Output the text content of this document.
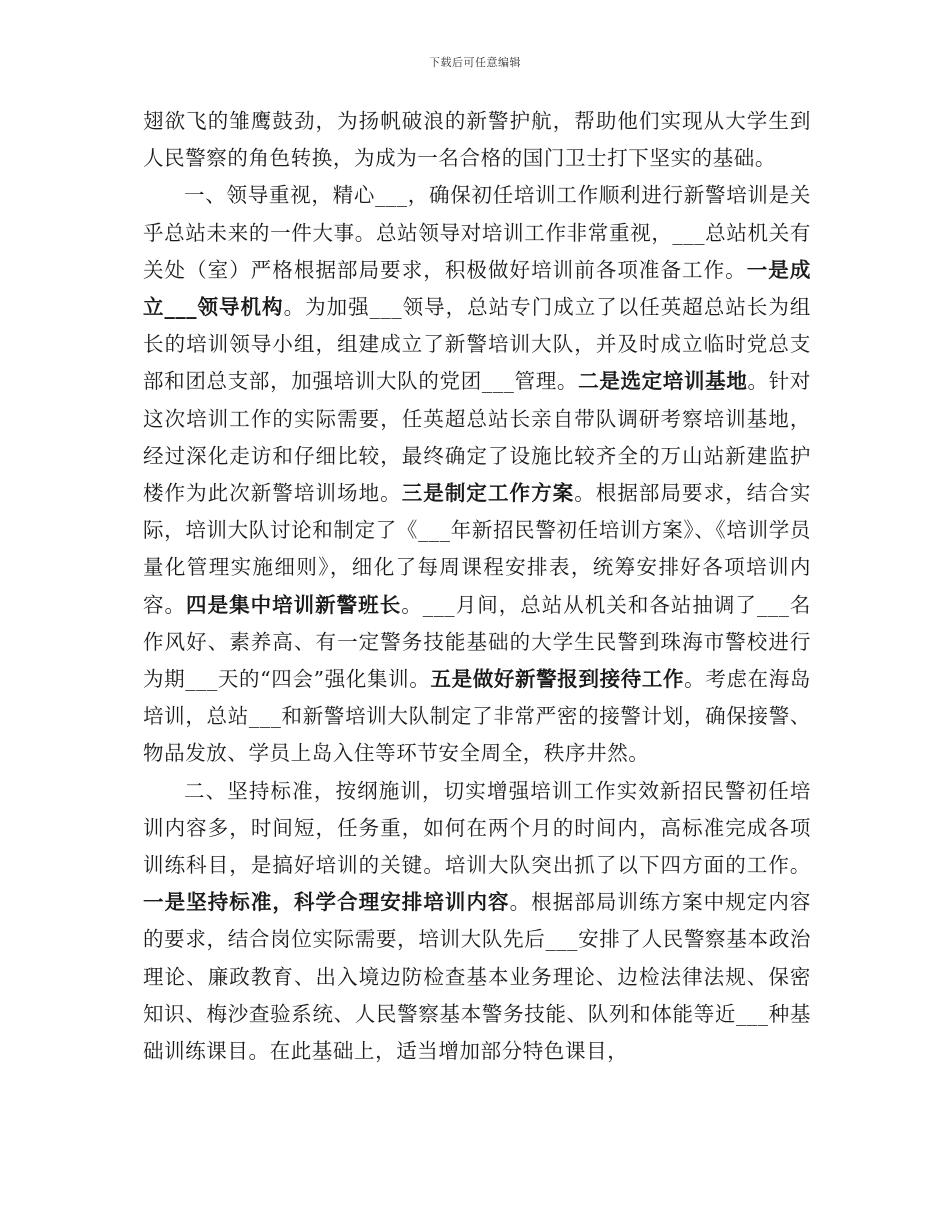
下载后可任意编辑

翅欲飞的雏鹰鼓劲，为扬帆破浪的新警护航，帮助他们实现从大学生到人民警察的角色转换，为成为一名合格的国门卫士打下坚实的基础。

一、领导重视，精心___，确保初任培训工作顺利进行新警培训是关乎总站未来的一件大事。总站领导对培训工作非常重视，___总站机关有关处（室）严格根据部局要求，积极做好培训前各项准备工作。一是成立___领导机构。为加强___领导，总站专门成立了以任英超总站长为组长的培训领导小组，组建成立了新警培训大队，并及时成立临时党总支部和团总支部，加强培训大队的党团___管理。二是选定培训基地。针对这次培训工作的实际需要，任英超总站长亲自带队调研考察培训基地，经过深化走访和仔细比较，最终确定了设施比较齐全的万山站新建监护楼作为此次新警培训场地。三是制定工作方案。根据部局要求，结合实际，培训大队讨论和制定了《___年新招民警初任培训方案》、《培训学员量化管理实施细则》，细化了每周课程安排表，统筹安排好各项培训内容。四是集中培训新警班长。___月间，总站从机关和各站抽调了___名作风好、素养高、有一定警务技能基础的大学生民警到珠海市警校进行为期___天的“四会”强化集训。五是做好新警报到接待工作。考虑在海岛培训，总站___和新警培训大队制定了非常严密的接警计划，确保接警、物品发放、学员上岛入住等环节安全周全，秩序井然。

二、坚持标准，按纲施训，切实增强培训工作实效新招民警初任培训内容多，时间短，任务重，如何在两个月的时间内，高标准完成各项训练科目，是搞好培训的关键。培训大队突出抓了以下四方面的工作。一是坚持标准，科学合理安排培训内容。根据部局训练方案中规定内容的要求，结合岗位实际需要，培训大队先后___安排了人民警察基本政治理论、廉政教育、出入境边防检查基本业务理论、边检法律法规、保密知识、梅沙查验系统、人民警察基本警务技能、队列和体能等近___种基础训练课目。在此基础上，适当增加部分特色课目，
